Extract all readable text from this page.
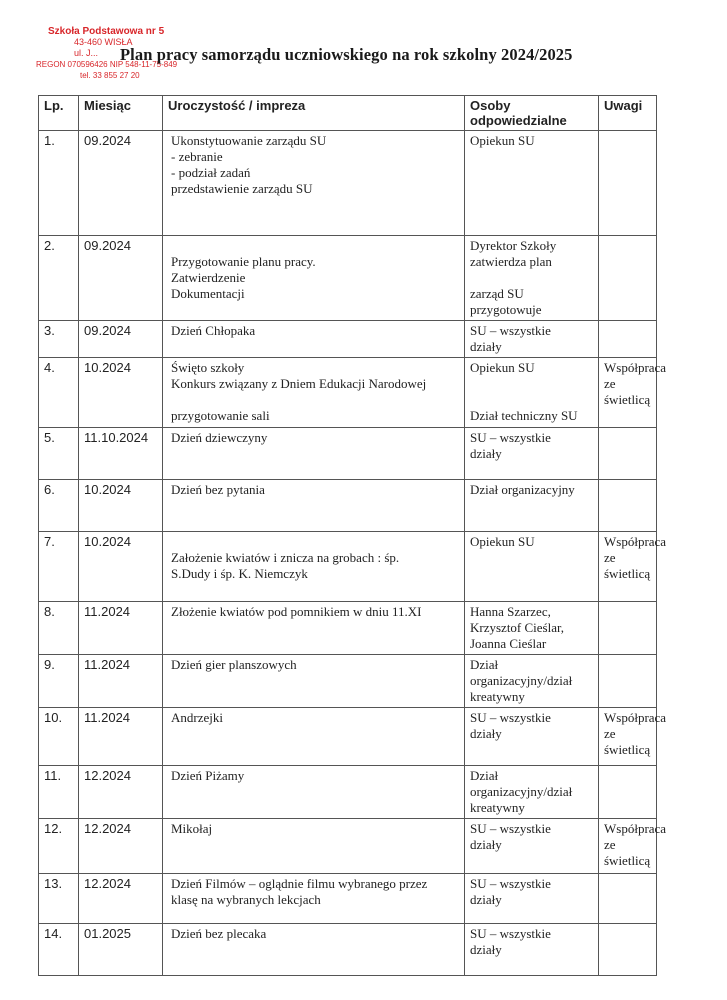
Szkoła Podstawowa nr 5
43-460 WISŁA
ul. J...
REGON 070596426 NIP 548-11-75-849
tel. 33 855 27 20
Plan pracy samorządu uczniowskiego na rok szkolny 2024/2025
Lp.	Miesiąc	Uroczystość / impreza	Osoby odpowiedzialne	Uwagi
1.	09.2024	Ukonstytuowanie zarządu SU
- zebranie
- podział zadań
przedstawienie zarządu SU	Opiekun SU	

2.	09.2024	Przygotowanie planu pracy.
Zatwierdzenie
Dokumentacji	Dyrektor Szkoły
zatwierdza plan
zarząd SU
przygotowuje	

3.	09.2024	Dzień Chłopaka	SU – wszystkie
działy	

4.	10.2024	Święto szkoły
Konkurs związany z Dniem Edukacji Narodowej
przygotowanie sali	Opiekun SU
Dział techniczny SU	Współpraca
ze
świetlicą

5.	11.10.2024	Dzień dziewczyny	SU – wszystkie
działy	

6.	10.2024	Dzień bez pytania	Dział organizacyjny	

7.	10.2024	Założenie kwiatów i znicza na grobach : śp.
S.Dudy i śp. K. Niemczyk	Opiekun SU	Współpraca
ze
świetlicą

8.	11.2024	Złożenie kwiatów pod pomnikiem w dniu 11.XI	Hanna Szarzec,
Krzysztof Cieślar,
Joanna Cieślar	

9.	11.2024	Dzień gier planszowych	Dział
organizacyjny/dział
kreatywny	

10.	11.2024	Andrzejki	SU – wszystkie
działy	Współpraca
ze
świetlicą

11.	12.2024	Dzień Piżamy	Dział
organizacyjny/dział
kreatywny	

12.	12.2024	Mikołaj	SU – wszystkie
działy	Współpraca
ze
świetlicą

13.	12.2024	Dzień Filmów – oglądnie filmu wybranego przez
klasę na wybranych lekcjach	SU – wszystkie
działy	

14.	01.2025	Dzień bez plecaka	SU – wszystkie
działy	
